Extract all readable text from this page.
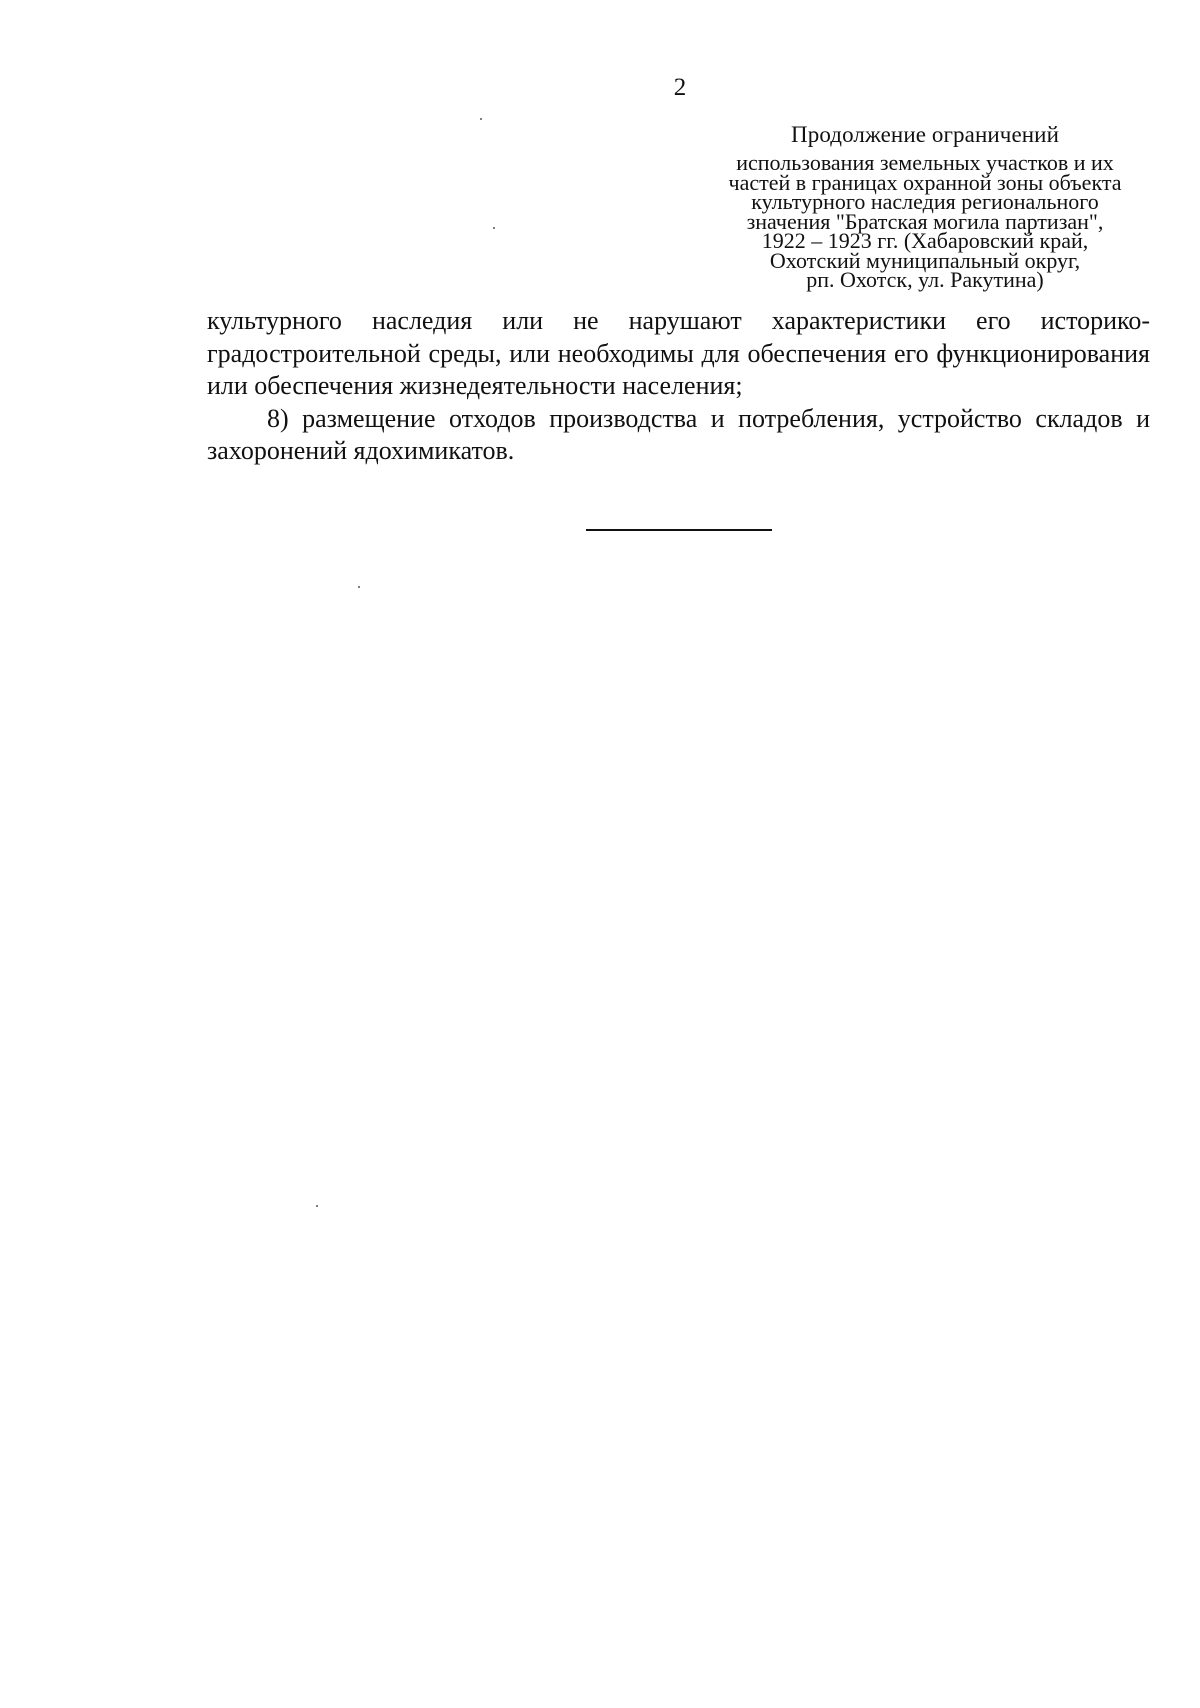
2
Продолжение ограничений
использования земельных участков и их
частей в границах охранной зоны объекта
культурного наследия регионального
значения "Братская могила партизан",
1922 – 1923 гг. (Хабаровский край,
Охотский муниципальный округ,
рп. Охотск, ул. Ракутина)

культурного наследия или не нарушают характеристики его историко-градостроительной среды, или необходимы для обеспечения его функционирования или обеспечения жизнедеятельности населения;

8) размещение отходов производства и потребления, устройство складов и захоронений ядохимикатов.
